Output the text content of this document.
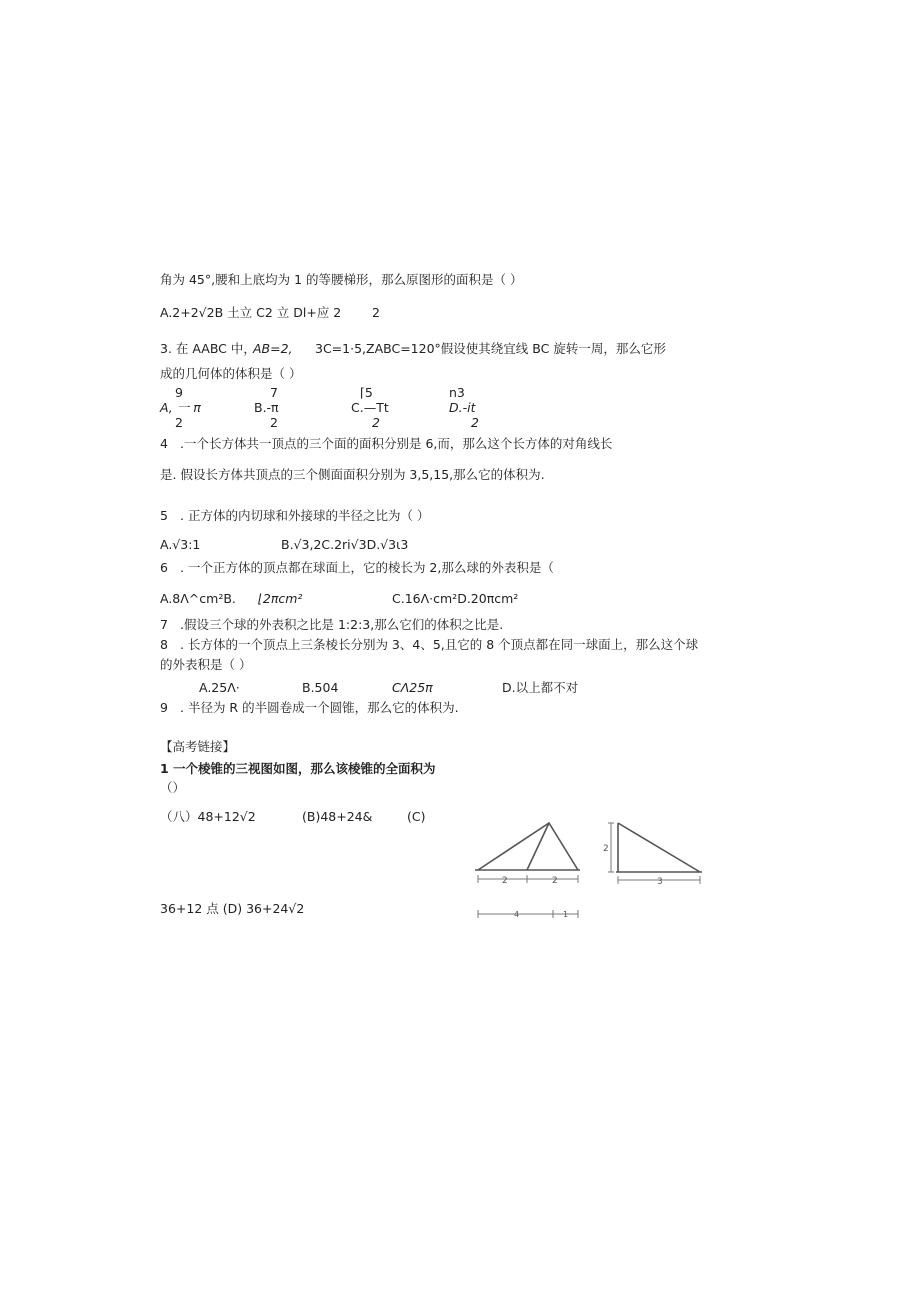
角为 45°,腰和上底均为 1 的等腰梯形，那么原图形的面积是（ ）
A.2+2√2B 土立 C2 立 Dl+应 2 2
3. 在 AABC 中，
AB=2, 3C=1·5,ZABC=120°假设使其绕宜线 BC 旋转一周，那么它形
成的几何体的体积是（ ）
9
A, 一 π
2
7
B.-π
2
⌈5
C.—Tt
2
n3
D.-it
2
4 .一个长方体共一顶点的三个面的面积分别是 6,而，那么这个长方体的对角线长
是. 假设长方体共顶点的三个侧面面积分别为 3,5,15,那么它的体积为.
5 . 正方体的内切球和外接球的半径之比为（ ）
A.√3:1	B.√3,2C.2ri√3D.√3ι3
6 . 一个正方体的顶点都在球面上，它的棱长为 2,那么球的外表积是（
A.8Λ^cm²B. ⌊2πcm²	C.16Λ·cm²D.20πcm²
7 .假设三个球的外表积之比是 1:2:3,那么它们的体积之比是.
8 . 长方体的一个顶点上三条棱长分别为 3、4、5,且它的 8 个顶点都在同一球面上，那么这个球
的外表积是（ ）
A.25Λ·	B.504	CΛ25π	D.以上都不对
9 . 半径为 R 的半圆卷成一个圆锥，那么它的体积为.
【高考链接】
1 一个棱锥的三视图如图，那么该棱锥的全面积为
（）
（八）48+12√2	(B)48+24&	(C)
36+12 点 (D) 36+24√2
2	2
2
3
4	1
